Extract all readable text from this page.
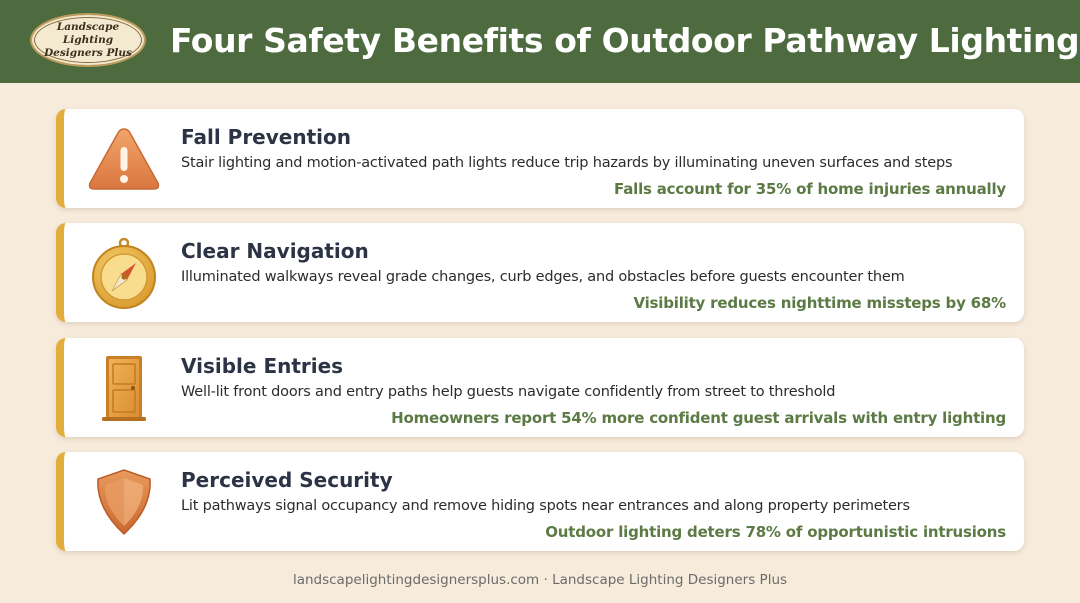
Landscape Lighting Designers Plus Four Safety Benefits of Outdoor Pathway Lighting
Fall Prevention
Stair lighting and motion-activated path lights reduce trip hazards by illuminating uneven surfaces and steps
Falls account for 35% of home injuries annually
Clear Navigation
Illuminated walkways reveal grade changes, curb edges, and obstacles before guests encounter them
Visibility reduces nighttime missteps by 68%
Visible Entries
Well-lit front doors and entry paths help guests navigate confidently from street to threshold
Homeowners report 54% more confident guest arrivals with entry lighting
Perceived Security
Lit pathways signal occupancy and remove hiding spots near entrances and along property perimeters
Outdoor lighting deters 78% of opportunistic intrusions
landscapelightingdesignersplus.com · Landscape Lighting Designers Plus
